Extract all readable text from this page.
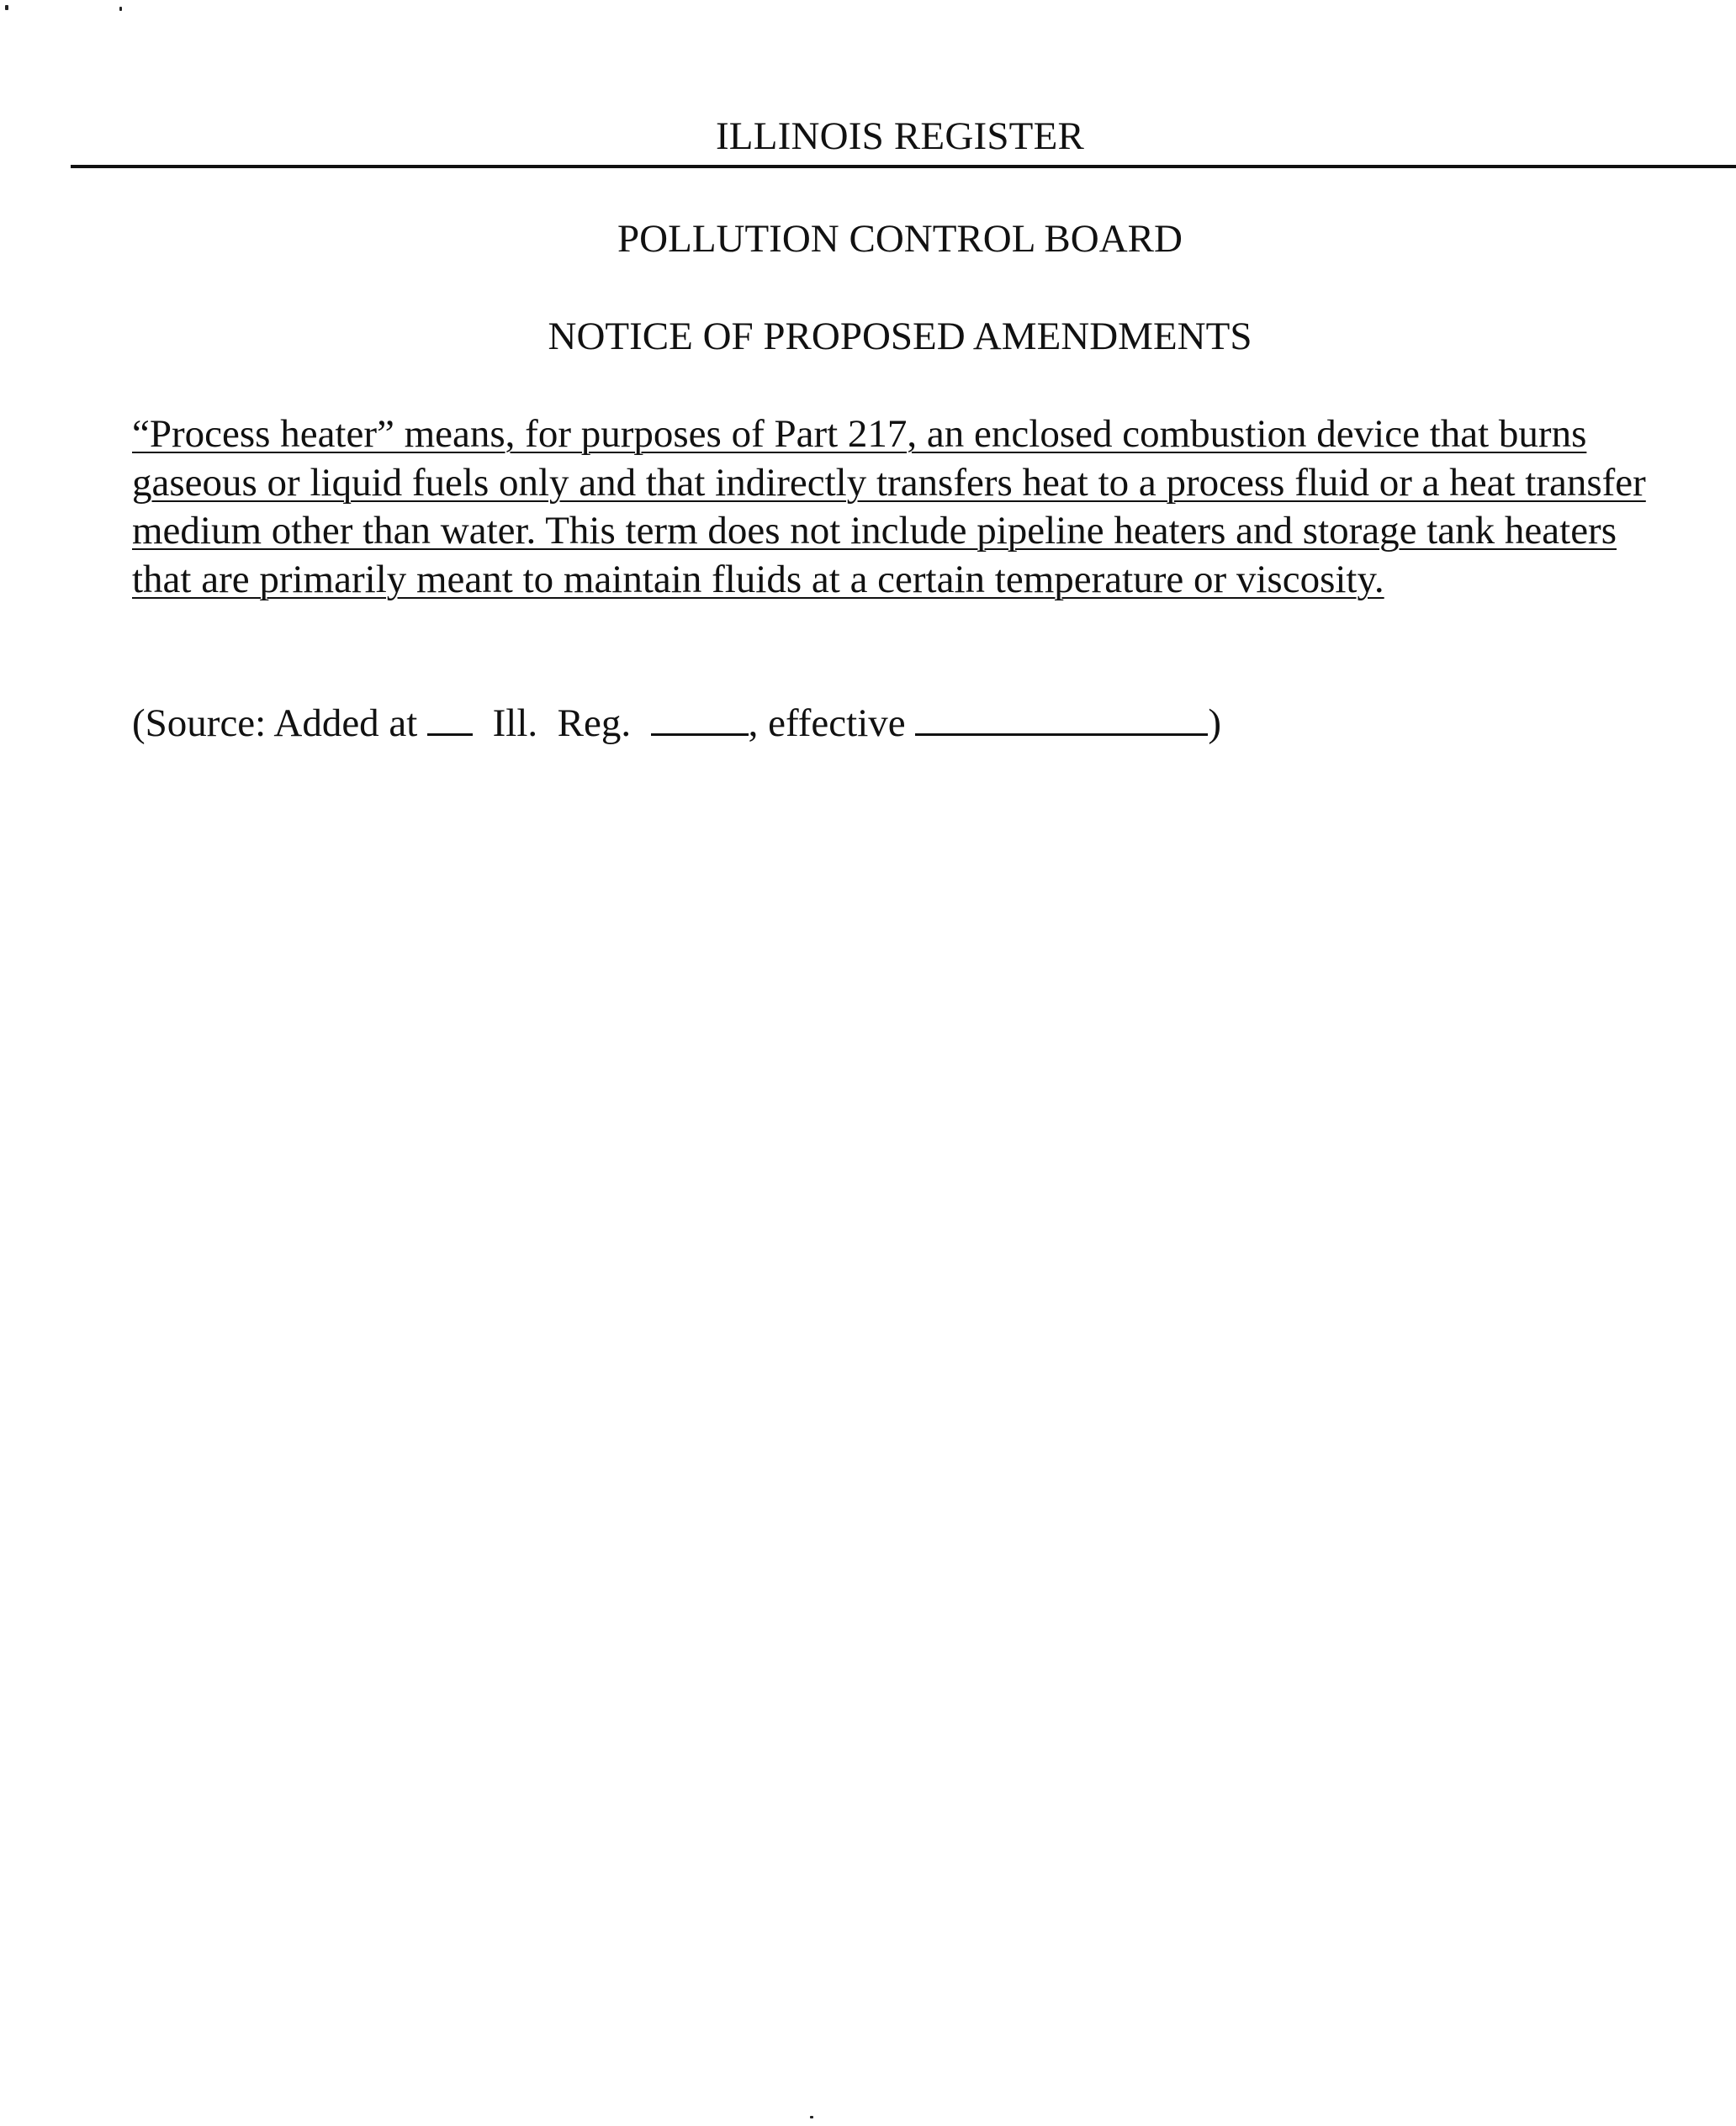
ILLINOIS REGISTER
POLLUTION CONTROL BOARD
NOTICE OF PROPOSED AMENDMENTS

“Process heater” means, for purposes of Part 217, an enclosed combustion device that burns gaseous or liquid fuels only and that indirectly transfers heat to a process fluid or a heat transfer medium other than water. This term does not include pipeline heaters and storage tank heaters that are primarily meant to maintain fluids at a certain temperature or viscosity.

(Source: Added at Ill.  Reg.	, effective	)
